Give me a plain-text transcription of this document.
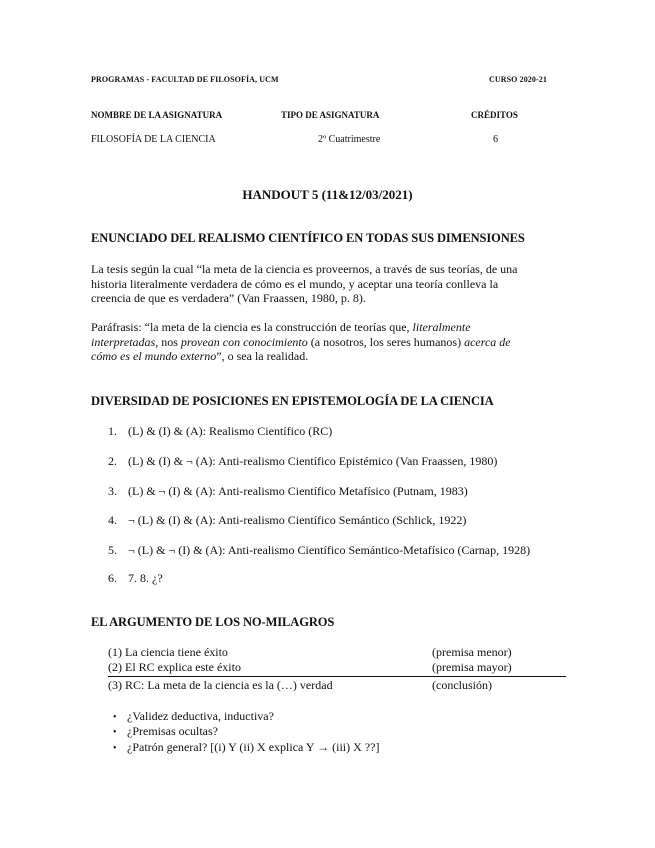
PROGRAMAS - FACULTAD DE FILOSOFÍA, UCM	CURSO 2020-21
NOMBRE DE LA ASIGNATURA	TIPO DE ASIGNATURA	CRÉDITOS
FILOSOFÍA DE LA CIENCIA	2º Cuatrimestre	6
HANDOUT 5 (11&12/03/2021)
ENUNCIADO DEL REALISMO CIENTÍFICO EN TODAS SUS DIMENSIONES
La tesis según la cual “la meta de la ciencia es proveernos, a través de sus teorías, de una
historia literalmente verdadera de cómo es el mundo, y aceptar una teoría conlleva la
creencia de que es verdadera” (Van Fraassen, 1980, p. 8).
Paráfrasis: “la meta de la ciencia es la construcción de teorías que, literalmente
interpretadas, nos provean con conocimiento (a nosotros, los seres humanos) acerca de
cómo es el mundo externo”, o sea la realidad.
DIVERSIDAD DE POSICIONES EN EPISTEMOLOGÍA DE LA CIENCIA
1. (L) & (I) & (A): Realismo Científico (RC)
2. (L) & (I) & ¬ (A): Anti-realismo Científico Epistémico (Van Fraassen, 1980)
3. (L) & ¬ (I) & (A): Anti-realismo Científico Metafísico (Putnam, 1983)
4. ¬ (L) & (I) & (A): Anti-realismo Científico Semántico (Schlick, 1922)
5. ¬ (L) & ¬ (I) & (A): Anti-realismo Científico Semántico-Metafísico (Carnap, 1928)
6. 7. 8. ¿?
EL ARGUMENTO DE LOS NO-MILAGROS
(1) La ciencia tiene éxito	(premisa menor)
(2) El RC explica este éxito	(premisa mayor)
(3) RC: La meta de la ciencia es la (…) verdad	(conclusión)
• ¿Validez deductiva, inductiva?
• ¿Premisas ocultas?
• ¿Patrón general? [(i) Y (ii) X explica Y → (iii) X ??]
